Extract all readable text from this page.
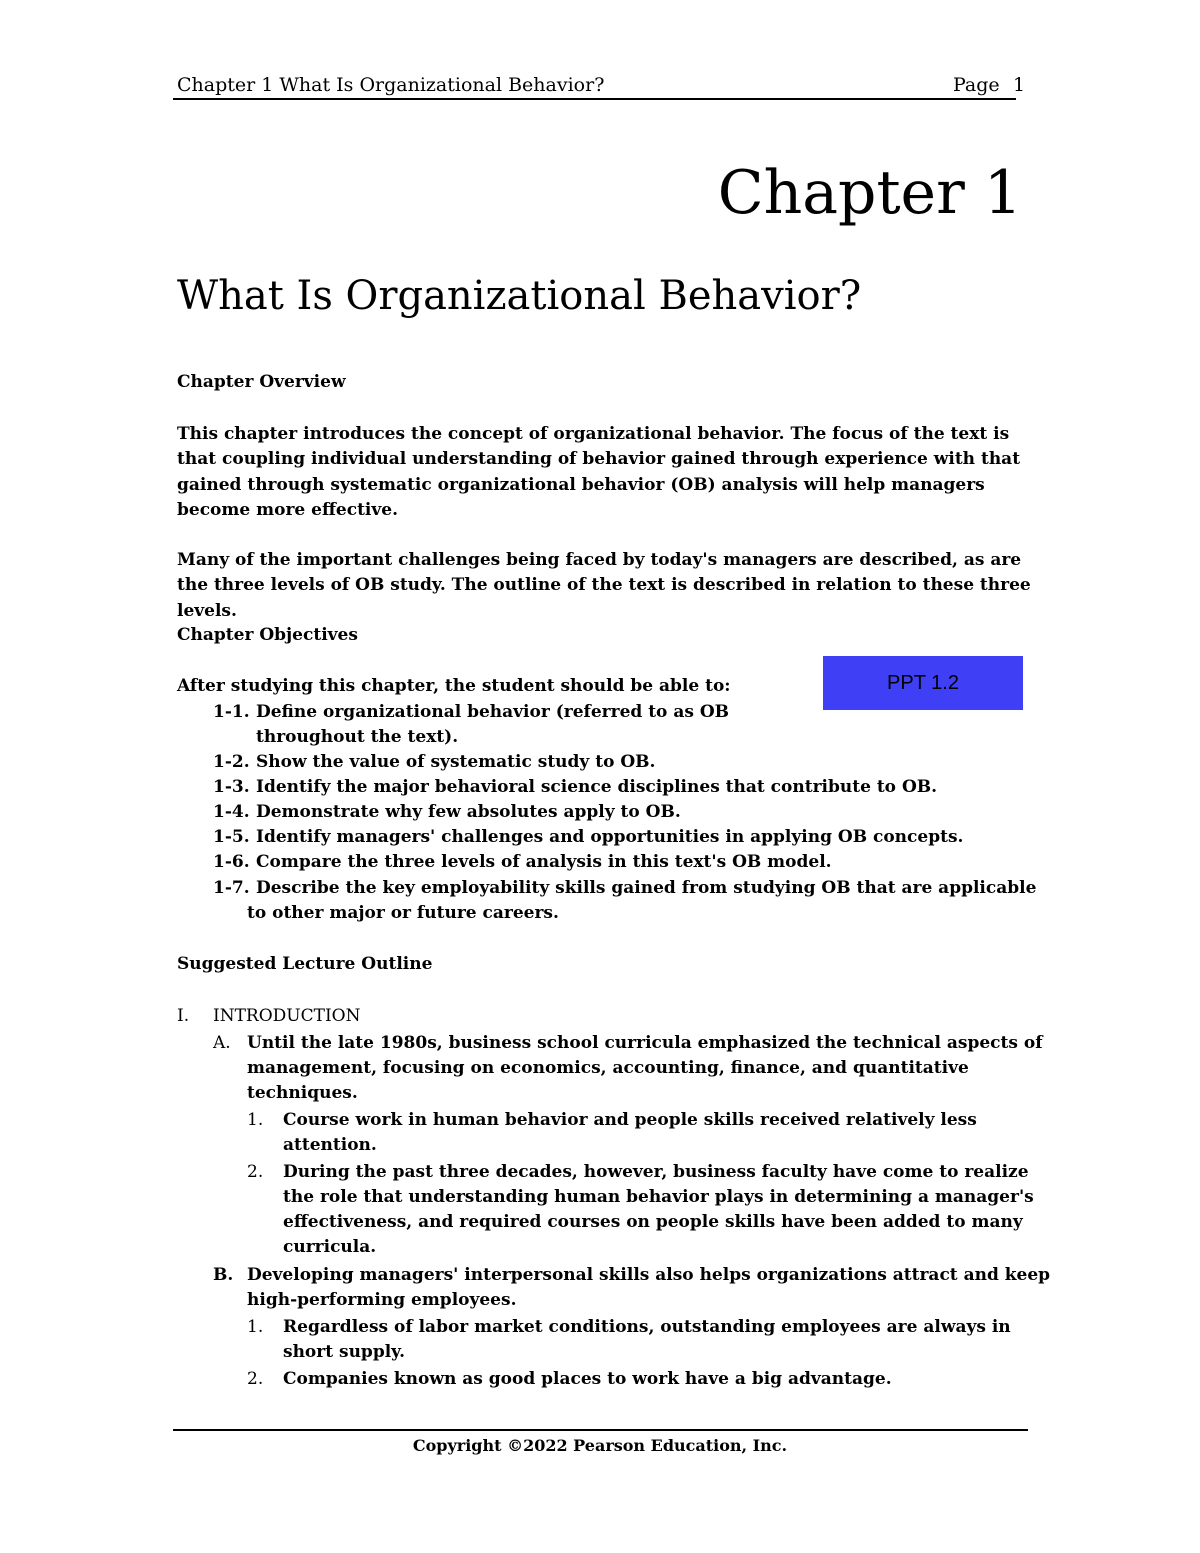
Chapter 1 What Is Organizational Behavior?	Page 1
Chapter 1
What Is Organizational Behavior?
Chapter Overview
This chapter introduces the concept of organizational behavior. The focus of the text is that coupling individual understanding of behavior gained through experience with that gained through systematic organizational behavior (OB) analysis will help managers become more effective.
Many of the important challenges being faced by today's managers are described, as are the three levels of OB study. The outline of the text is described in relation to these three levels.
Chapter Objectives
After studying this chapter, the student should be able to:	PPT 1.2
1-1. Define organizational behavior (referred to as OB
throughout the text).
1-2. Show the value of systematic study to OB.
1-3. Identify the major behavioral science disciplines that contribute to OB.
1-4. Demonstrate why few absolutes apply to OB.
1-5. Identify managers' challenges and opportunities in applying OB concepts.
1-6. Compare the three levels of analysis in this text's OB model.
1-7. Describe the key employability skills gained from studying OB that are applicable
to other major or future careers.
Suggested Lecture Outline
I. INTRODUCTION
A. Until the late 1980s, business school curricula emphasized the technical aspects of
management, focusing on economics, accounting, finance, and quantitative
techniques.
1. Course work in human behavior and people skills received relatively less
attention.
2. During the past three decades, however, business faculty have come to realize
the role that understanding human behavior plays in determining a manager's
effectiveness, and required courses on people skills have been added to many
curricula.
B. Developing managers' interpersonal skills also helps organizations attract and keep
high-performing employees.
1. Regardless of labor market conditions, outstanding employees are always in
short supply.
2. Companies known as good places to work have a big advantage.
Copyright ©2022 Pearson Education, Inc.
